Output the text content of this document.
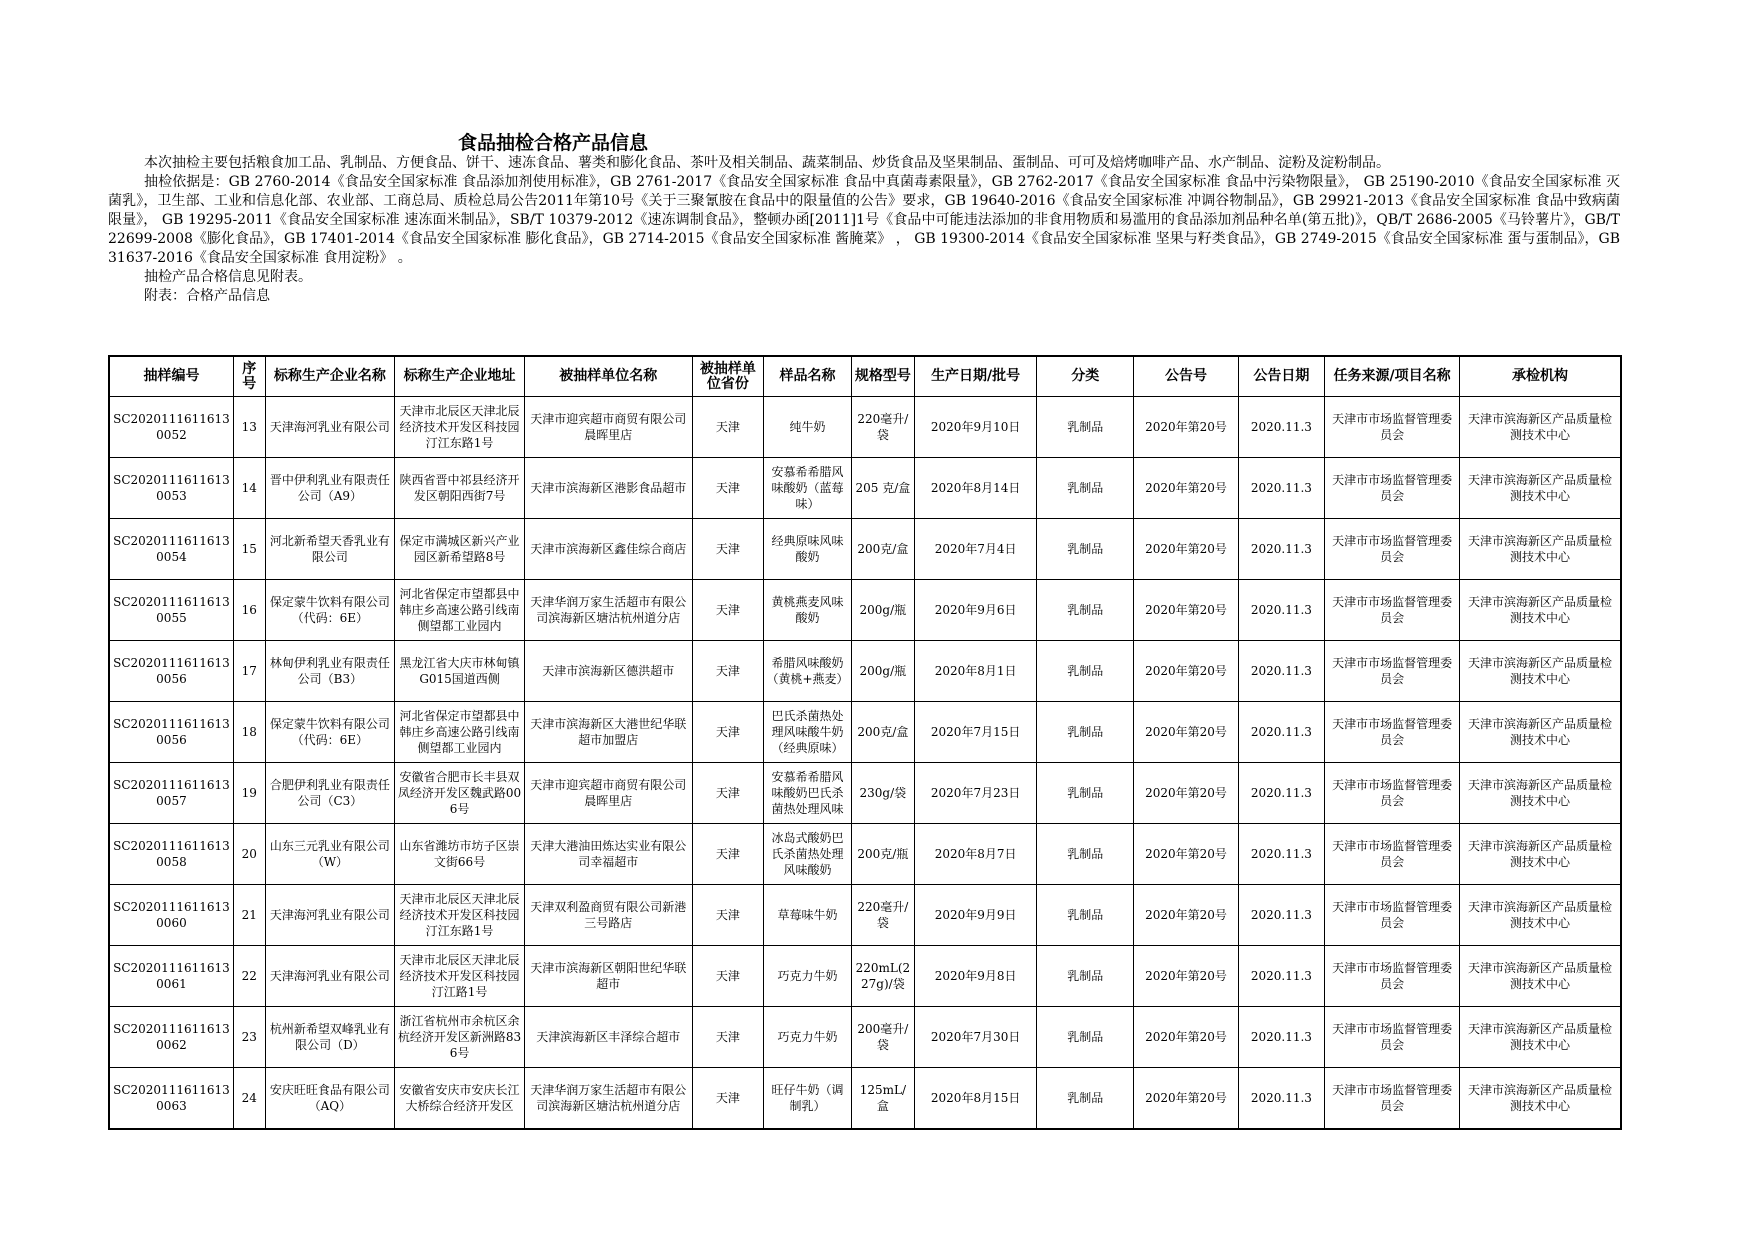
食品抽检合格产品信息

本次抽检主要包括粮食加工品、乳制品、方便食品、饼干、速冻食品、薯类和膨化食品、茶叶及相关制品、蔬菜制品、炒货食品及坚果制品、蛋制品、可可及焙烤咖啡产品、水产制品、淀粉及淀粉制品。

抽检依据是：GB 2760-2014《食品安全国家标准 食品添加剂使用标准》，GB 2761-2017《食品安全国家标准 食品中真菌毒素限量》，GB 2762-2017《食品安全国家标准 食品中污染物限量》， GB 25190-2010《食品安全国家标准 灭菌乳》，卫生部、工业和信息化部、农业部、工商总局、质检总局公告2011年第10号《关于三聚氰胺在食品中的限量值的公告》要求，GB 19640-2016《食品安全国家标准 冲调谷物制品》，GB 29921-2013《食品安全国家标准 食品中致病菌限量》， GB 19295-2011《食品安全国家标准 速冻面米制品》，SB/T 10379-2012《速冻调制食品》，整顿办函[2011]1号《食品中可能违法添加的非食用物质和易滥用的食品添加剂品种名单(第五批)》，QB/T 2686-2005《马铃薯片》，GB/T 22699-2008《膨化食品》，GB 17401-2014《食品安全国家标准 膨化食品》，GB 2714-2015《食品安全国家标准 酱腌菜》 ， GB 19300-2014《食品安全国家标准 坚果与籽类食品》，GB 2749-2015《食品安全国家标准 蛋与蛋制品》，GB 31637-2016《食品安全国家标准 食用淀粉》 。

抽检产品合格信息见附表。

附表：合格产品信息

抽样编号	序号	标称生产企业名称	标称生产企业地址	被抽样单位名称	被抽样单位省份	样品名称	规格型号	生产日期/批号	分类	公告号	公告日期	任务来源/项目名称	承检机构

SC20201116116130052	13	天津海河乳业有限公司	天津市北辰区天津北辰经济技术开发区科技园汀江东路1号	天津市迎宾超市商贸有限公司晨晖里店	天津	纯牛奶	220毫升/袋	2020年9月10日	乳制品	2020年第20号	2020.11.3	天津市市场监督管理委员会	天津市滨海新区产品质量检测技术中心

SC20201116116130053	14	晋中伊利乳业有限责任公司（A9）	陕西省晋中祁县经济开发区朝阳西街7号	天津市滨海新区港影食品超市	天津	安慕希希腊风味酸奶（蓝莓味）	205 克/盒	2020年8月14日	乳制品	2020年第20号	2020.11.3	天津市市场监督管理委员会	天津市滨海新区产品质量检测技术中心

SC20201116116130054	15	河北新希望天香乳业有限公司	保定市满城区新兴产业园区新希望路8号	天津市滨海新区鑫佳综合商店	天津	经典原味风味酸奶	200克/盒	2020年7月4日	乳制品	2020年第20号	2020.11.3	天津市市场监督管理委员会	天津市滨海新区产品质量检测技术中心

SC20201116116130055	16	保定蒙牛饮料有限公司（代码：6E）	河北省保定市望都县中韩庄乡高速公路引线南侧望都工业园内	天津华润万家生活超市有限公司滨海新区塘沽杭州道分店	天津	黄桃燕麦风味酸奶	200g/瓶	2020年9月6日	乳制品	2020年第20号	2020.11.3	天津市市场监督管理委员会	天津市滨海新区产品质量检测技术中心

SC20201116116130056	17	林甸伊利乳业有限责任公司（B3）	黑龙江省大庆市林甸镇G015国道西侧	天津市滨海新区德洪超市	天津	希腊风味酸奶（黄桃+燕麦）	200g/瓶	2020年8月1日	乳制品	2020年第20号	2020.11.3	天津市市场监督管理委员会	天津市滨海新区产品质量检测技术中心

SC20201116116130056	18	保定蒙牛饮料有限公司（代码：6E）	河北省保定市望都县中韩庄乡高速公路引线南侧望都工业园内	天津市滨海新区大港世纪华联超市加盟店	天津	巴氏杀菌热处理风味酸牛奶（经典原味）	200克/盒	2020年7月15日	乳制品	2020年第20号	2020.11.3	天津市市场监督管理委员会	天津市滨海新区产品质量检测技术中心

SC20201116116130057	19	合肥伊利乳业有限责任公司（C3）	安徽省合肥市长丰县双凤经济开发区魏武路006号	天津市迎宾超市商贸有限公司晨晖里店	天津	安慕希希腊风味酸奶巴氏杀菌热处理风味	230g/袋	2020年7月23日	乳制品	2020年第20号	2020.11.3	天津市市场监督管理委员会	天津市滨海新区产品质量检测技术中心

SC20201116116130058	20	山东三元乳业有限公司（W）	山东省潍坊市坊子区崇文街66号	天津大港油田炼达实业有限公司幸福超市	天津	冰岛式酸奶巴氏杀菌热处理风味酸奶	200克/瓶	2020年8月7日	乳制品	2020年第20号	2020.11.3	天津市市场监督管理委员会	天津市滨海新区产品质量检测技术中心

SC20201116116130060	21	天津海河乳业有限公司	天津市北辰区天津北辰经济技术开发区科技园汀江东路1号	天津双利盈商贸有限公司新港三号路店	天津	草莓味牛奶	220毫升/袋	2020年9月9日	乳制品	2020年第20号	2020.11.3	天津市市场监督管理委员会	天津市滨海新区产品质量检测技术中心

SC20201116116130061	22	天津海河乳业有限公司	天津市北辰区天津北辰经济技术开发区科技园汀江路1号	天津市滨海新区朝阳世纪华联超市	天津	巧克力牛奶	220mL(227g)/袋	2020年9月8日	乳制品	2020年第20号	2020.11.3	天津市市场监督管理委员会	天津市滨海新区产品质量检测技术中心

SC20201116116130062	23	杭州新希望双峰乳业有限公司（D）	浙江省杭州市余杭区余杭经济开发区新洲路836号	天津滨海新区丰泽综合超市	天津	巧克力牛奶	200毫升/袋	2020年7月30日	乳制品	2020年第20号	2020.11.3	天津市市场监督管理委员会	天津市滨海新区产品质量检测技术中心

SC20201116116130063	24	安庆旺旺食品有限公司（AQ）	安徽省安庆市安庆长江大桥综合经济开发区	天津华润万家生活超市有限公司滨海新区塘沽杭州道分店	天津	旺仔牛奶（调制乳）	125mL/盒	2020年8月15日	乳制品	2020年第20号	2020.11.3	天津市市场监督管理委员会	天津市滨海新区产品质量检测技术中心
